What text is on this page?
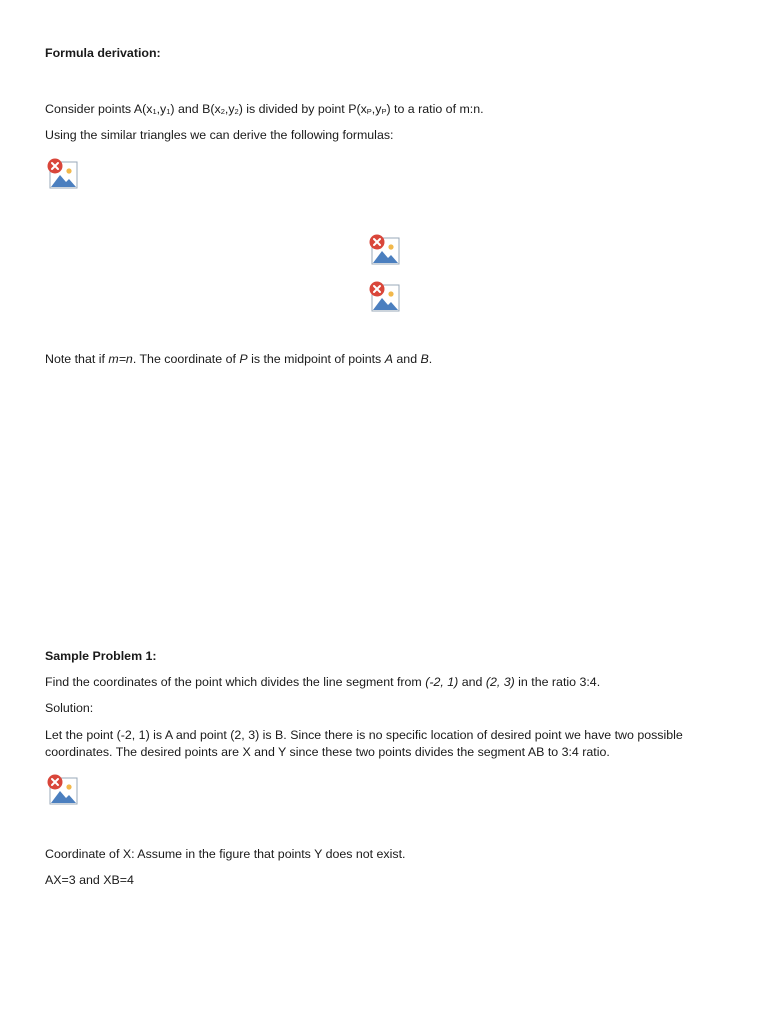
Formula derivation:
Consider points $A(x_1,y_1)$ and $B(x_2,y_2)$ is divided by point $P(x_P,y_P)$ to a ratio of m:n.
Using the similar triangles we can derive the following formulas:
Note that if m=n. The coordinate of P is the midpoint of points A and B.
Sample Problem 1:
Find the coordinates of the point which divides the line segment from (-2, 1) and (2, 3) in the ratio 3:4.
Solution:
Let the point (-2, 1) is A and point (2, 3) is B. Since there is no specific location of desired point we have two possible coordinates. The desired points are X and Y since these two points divides the segment AB to 3:4 ratio.
Coordinate of X: Assume in the figure that points Y does not exist.
AX=3 and XB=4
